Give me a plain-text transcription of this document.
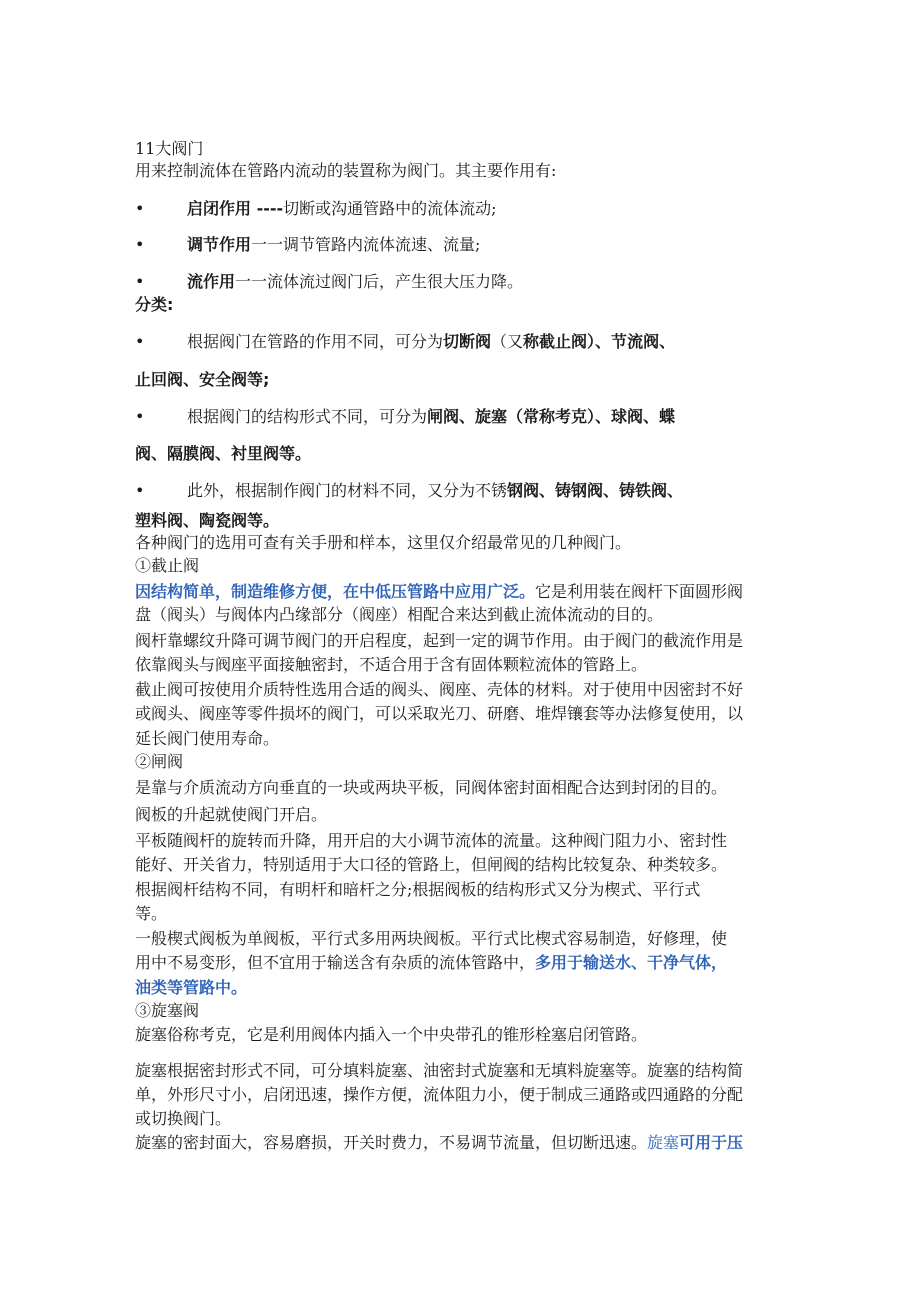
11大阀门
用来控制流体在管路内流动的装置称为阀门。其主要作用有:
•	启闭作用 ----切断或沟通管路中的流体流动;
•	调节作用一一调节管路内流体流速、流量;
•	流作用一一流体流过阀门后，产生很大压力降。
分类:
•	根据阀门在管路的作用不同，可分为切断阀（又称截止阀）、节流阀、
止回阀、安全阀等;
•	根据阀门的结构形式不同，可分为闸阀、旋塞（常称考克）、球阀、蝶
阀、隔膜阀、衬里阀等。
•	此外，根据制作阀门的材料不同，又分为不锈钢阀、铸钢阀、铸铁阀、
塑料阀、陶瓷阀等。
各种阀门的选用可查有关手册和样本，这里仅介绍最常见的几种阀门。
①截止阀
因结构简单，制造维修方便，在中低压管路中应用广泛。它是利用装在阀杆下面圆形阀
盘（阀头）与阀体内凸缘部分（阀座）相配合来达到截止流体流动的目的。
阀杆靠螺纹升降可调节阀门的开启程度，起到一定的调节作用。由于阀门的截流作用是
依靠阀头与阀座平面接触密封，不适合用于含有固体颗粒流体的管路上。
截止阀可按使用介质特性选用合适的阀头、阀座、壳体的材料。对于使用中因密封不好
或阀头、阀座等零件损坏的阀门，可以采取光刀、研磨、堆焊镶套等办法修复使用，以
延长阀门使用寿命。
②闸阀
是靠与介质流动方向垂直的一块或两块平板，同阀体密封面相配合达到封闭的目的。
阀板的升起就使阀门开启。
平板随阀杆的旋转而升降，用开启的大小调节流体的流量。这种阀门阻力小、密封性
能好、开关省力，特别适用于大口径的管路上，但闸阀的结构比较复杂、种类较多。
根据阀杆结构不同，有明杆和暗杆之分;根据阀板的结构形式又分为楔式、平行式
等。
一般楔式阀板为单阀板，平行式多用两块阀板。平行式比楔式容易制造，好修理，使
用中不易变形，但不宜用于输送含有杂质的流体管路中，多用于输送水、干净气体，
油类等管路中。
③旋塞阀
旋塞俗称考克，它是利用阀体内插入一个中央带孔的锥形栓塞启闭管路。
旋塞根据密封形式不同，可分填料旋塞、油密封式旋塞和无填料旋塞等。旋塞的结构简
单，外形尺寸小，启闭迅速，操作方便，流体阻力小，便于制成三通路或四通路的分配
或切换阀门。
旋塞的密封面大，容易磨损，开关时费力，不易调节流量，但切断迅速。旋塞可用于压
